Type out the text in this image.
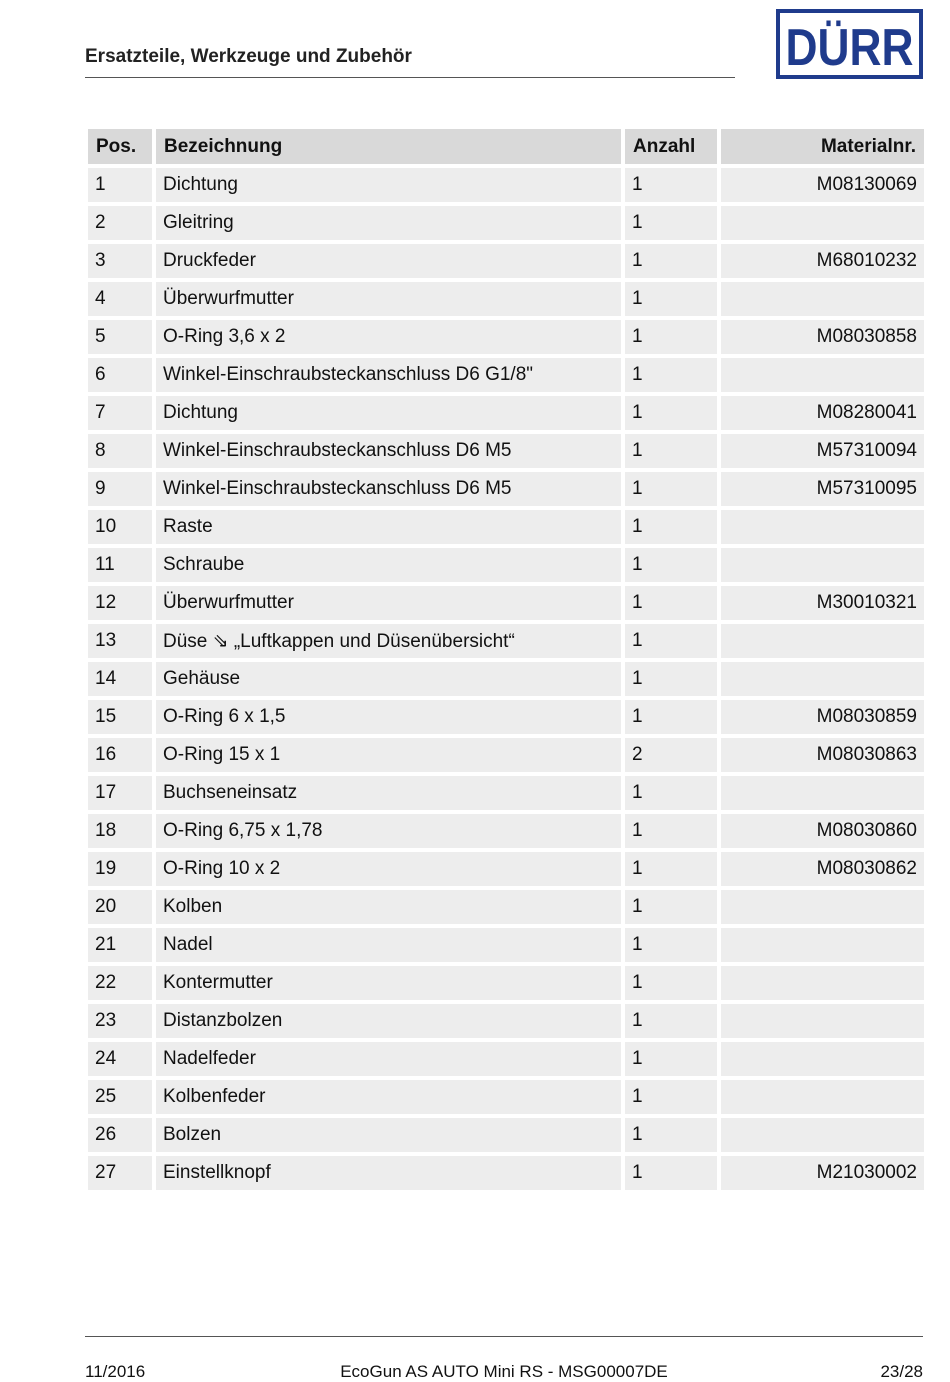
Ersatzteile, Werkzeuge und Zubehör	DÜRR
Pos.	Bezeichnung	Anzahl	Materialnr.
1	Dichtung	1	M08130069
2	Gleitring	1	
3	Druckfeder	1	M68010232
4	Überwurfmutter	1	
5	O-Ring 3,6 x 2	1	M08030858
6	Winkel-Einschraubsteckanschluss D6 G1/8"	1	
7	Dichtung	1	M08280041
8	Winkel-Einschraubsteckanschluss D6 M5	1	M57310094
9	Winkel-Einschraubsteckanschluss D6 M5	1	M57310095
10	Raste	1	
11	Schraube	1	
12	Überwurfmutter	1	M30010321
13	Düse ⇘ „Luftkappen und Düsenübersicht“	1	
14	Gehäuse	1	
15	O-Ring 6 x 1,5	1	M08030859
16	O-Ring 15 x 1	2	M08030863
17	Buchseneinsatz	1	
18	O-Ring 6,75 x 1,78	1	M08030860
19	O-Ring 10 x 2	1	M08030862
20	Kolben	1	
21	Nadel	1	
22	Kontermutter	1	
23	Distanzbolzen	1	
24	Nadelfeder	1	
25	Kolbenfeder	1	
26	Bolzen	1	
27	Einstellknopf	1	M21030002
11/2016	EcoGun AS AUTO Mini RS - MSG00007DE	23/28
